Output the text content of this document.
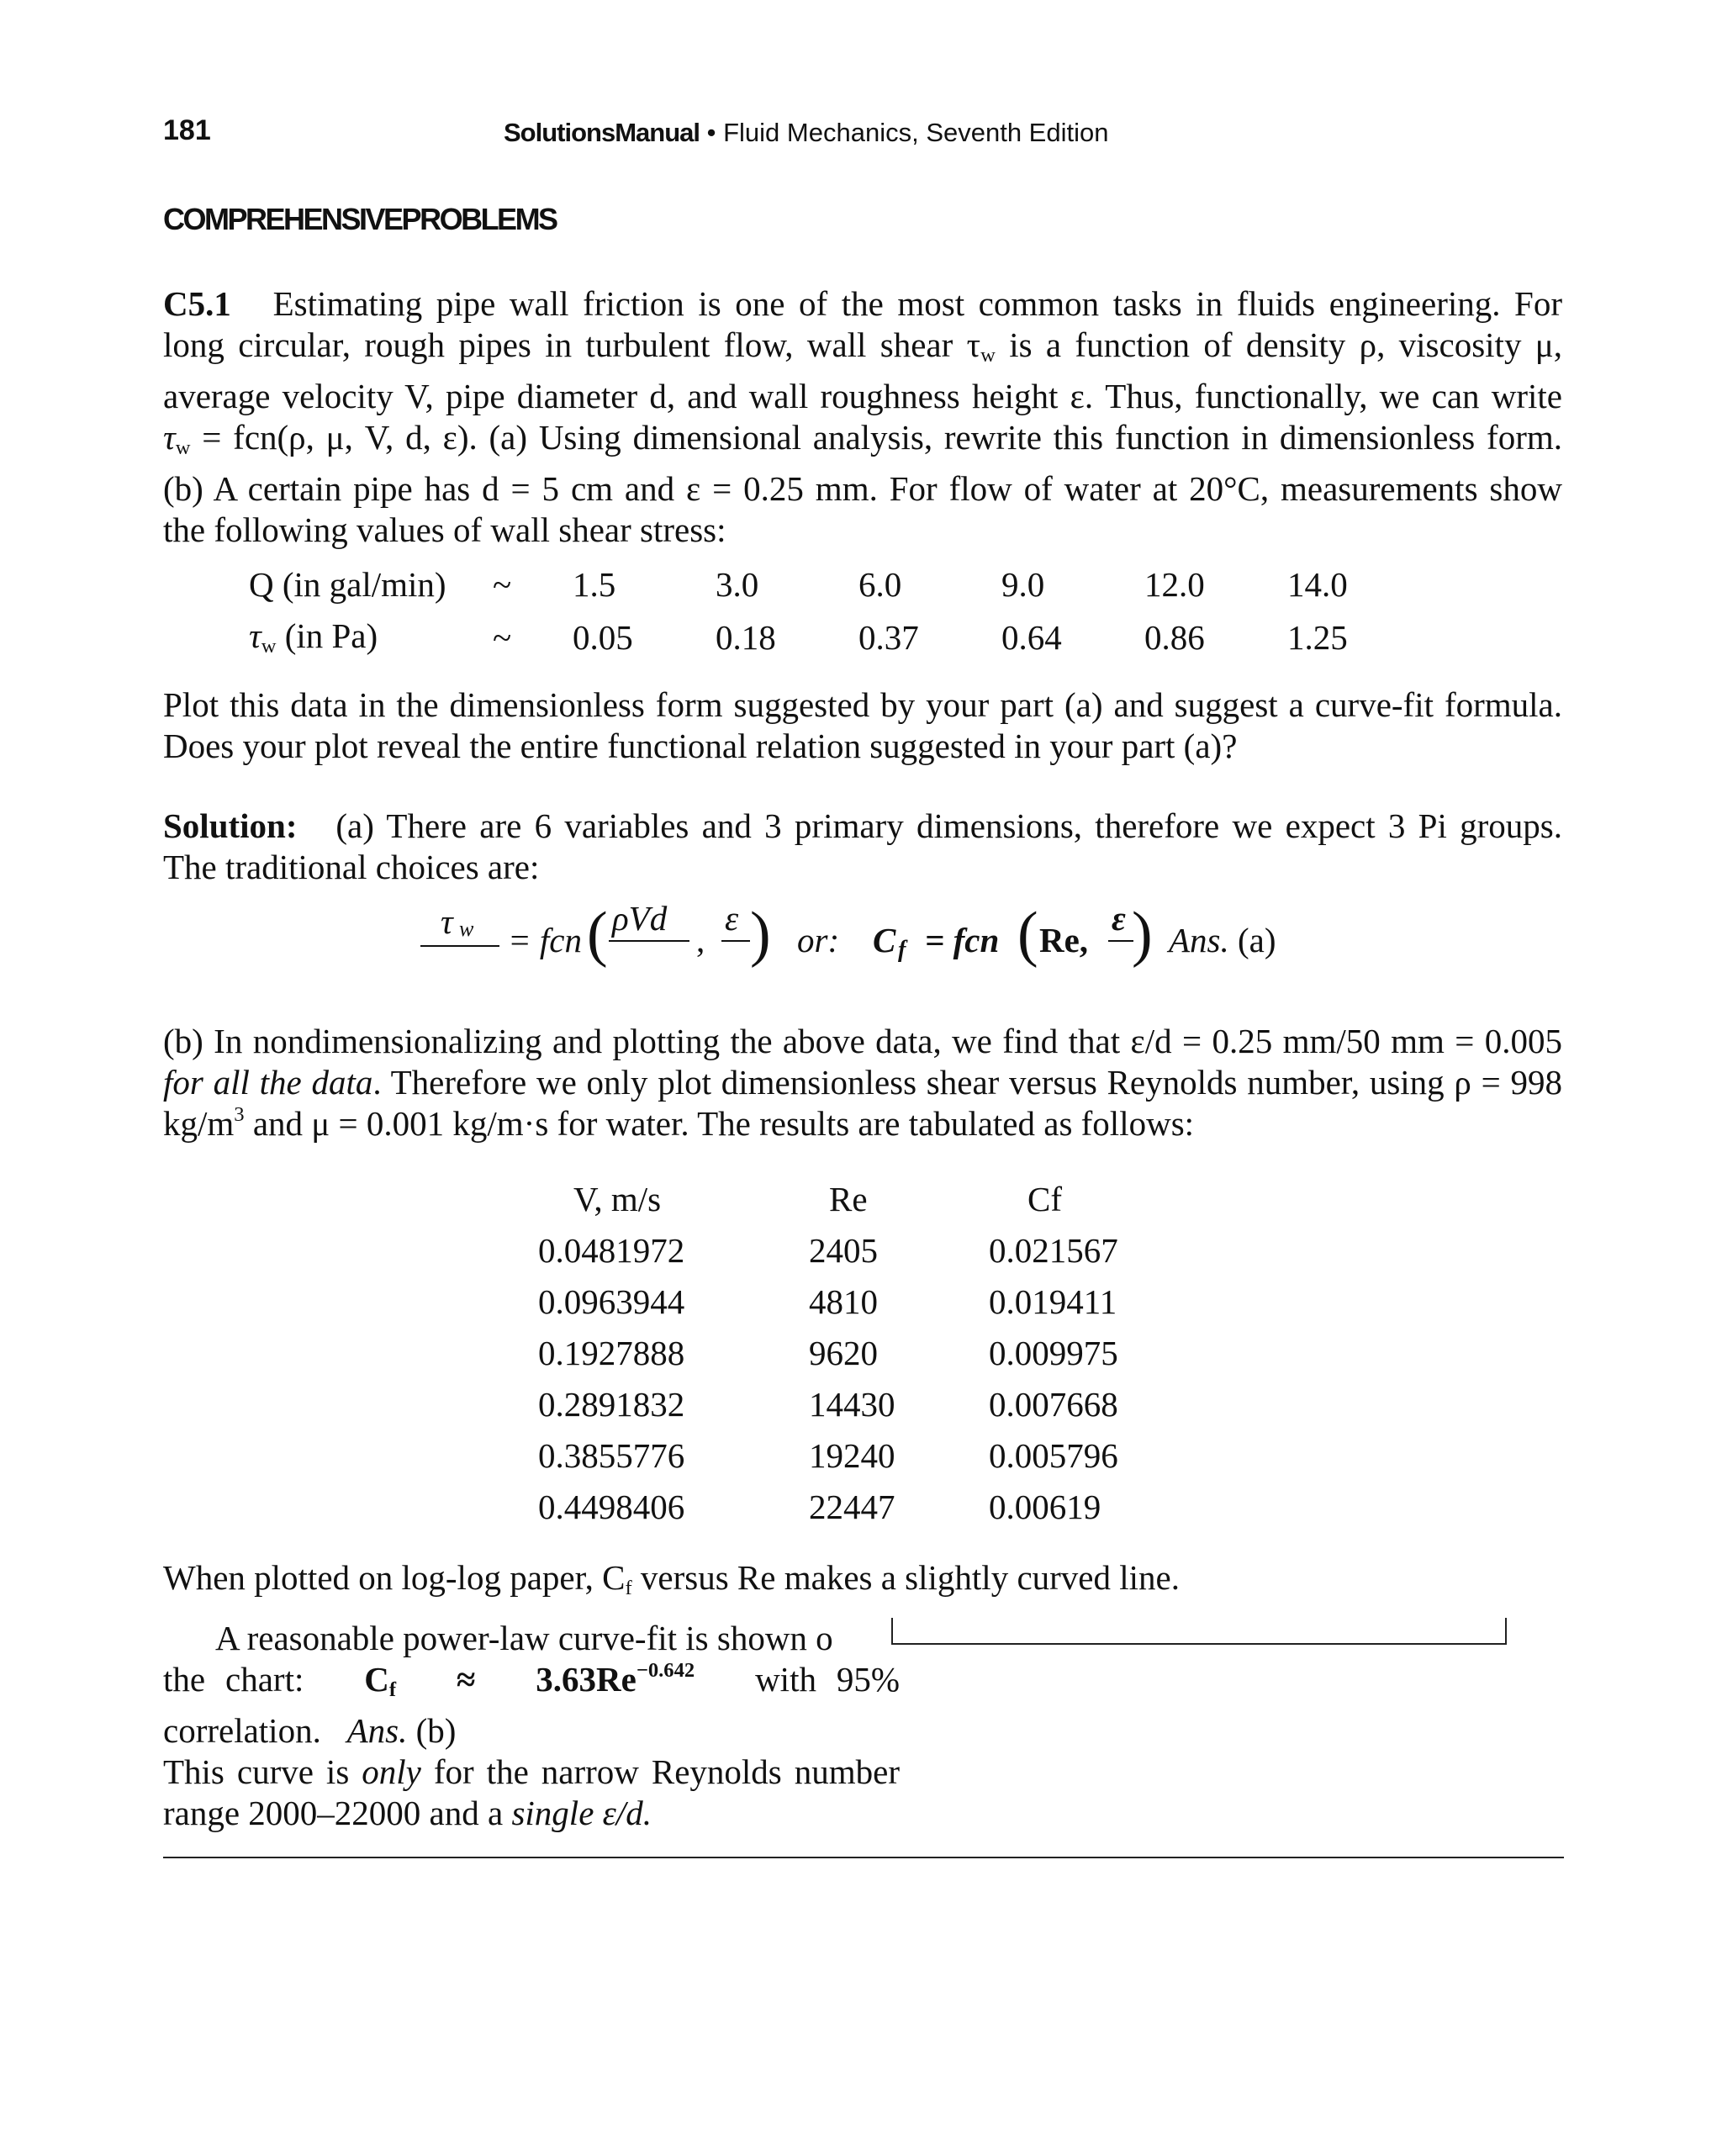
181	SolutionsManual • Fluid Mechanics, Seventh Edition
COMPREHENSIVEPROBLEMS
C5.1 Estimating pipe wall friction is one of the most common tasks in fluids engineering. For
long circular, rough pipes in turbulent flow, wall shear $\tau_w$ is a function of density ρ, viscosity μ,
average velocity V, pipe diameter d, and wall roughness height ε. Thus, functionally, we can write
$\tau_w = fcn(\rho$, μ, V, d, ε). (a) Using dimensional analysis, rewrite this function in dimensionless form.
(b) A certain pipe has d = 5 cm and ε = 0.25 mm. For flow of water at 20°C, measurements show
the following values of wall shear stress:
Q (in gal/min)	~	1.5	3.0	6.0	9.0	12.0	14.0
$\tau_w$ (in Pa)	~	0.05	0.18	0.37	0.64	0.86	1.25
Plot this data in the dimensionless form suggested by your part (a) and suggest a curve-fit formula.
Does your plot reveal the entire functional relation suggested in your part (a)?
Solution: (a) There are 6 variables and 3 primary dimensions, therefore we expect 3 Pi groups.
The traditional choices are:
τ w = fcn ( ρVd
,
ε ) or: C f = fcn ( Re,
ε ) Ans. (a)
(b) In nondimensionalizing and plotting the above data, we find that ε/d = 0.25 mm/50 mm = 0.005
for all the data. Therefore we only plot dimensionless shear versus Reynolds number, using ρ = 998
$kg/m^3$ and μ = 0.001 kg/m·s for water. The results are tabulated as follows:
V, m/s	Re	Cf
0.0481972	2405	0.021567
0.0963944	4810	0.019411
0.1927888	9620	0.009975
0.2891832	14430	0.007668
0.3855776	19240	0.005796
0.4498406	22447	0.00619
When plotted on log-log paper, $C_f$ versus Re makes a slightly curved line.
A reasonable power-law curve-fit is shown o
the chart: $C_f \approx 3.63Re^{-0.642}$ with 95%
correlation. Ans. (b)
This curve is only for the narrow Reynolds number
range 2000–22000 and a single ε/d.
